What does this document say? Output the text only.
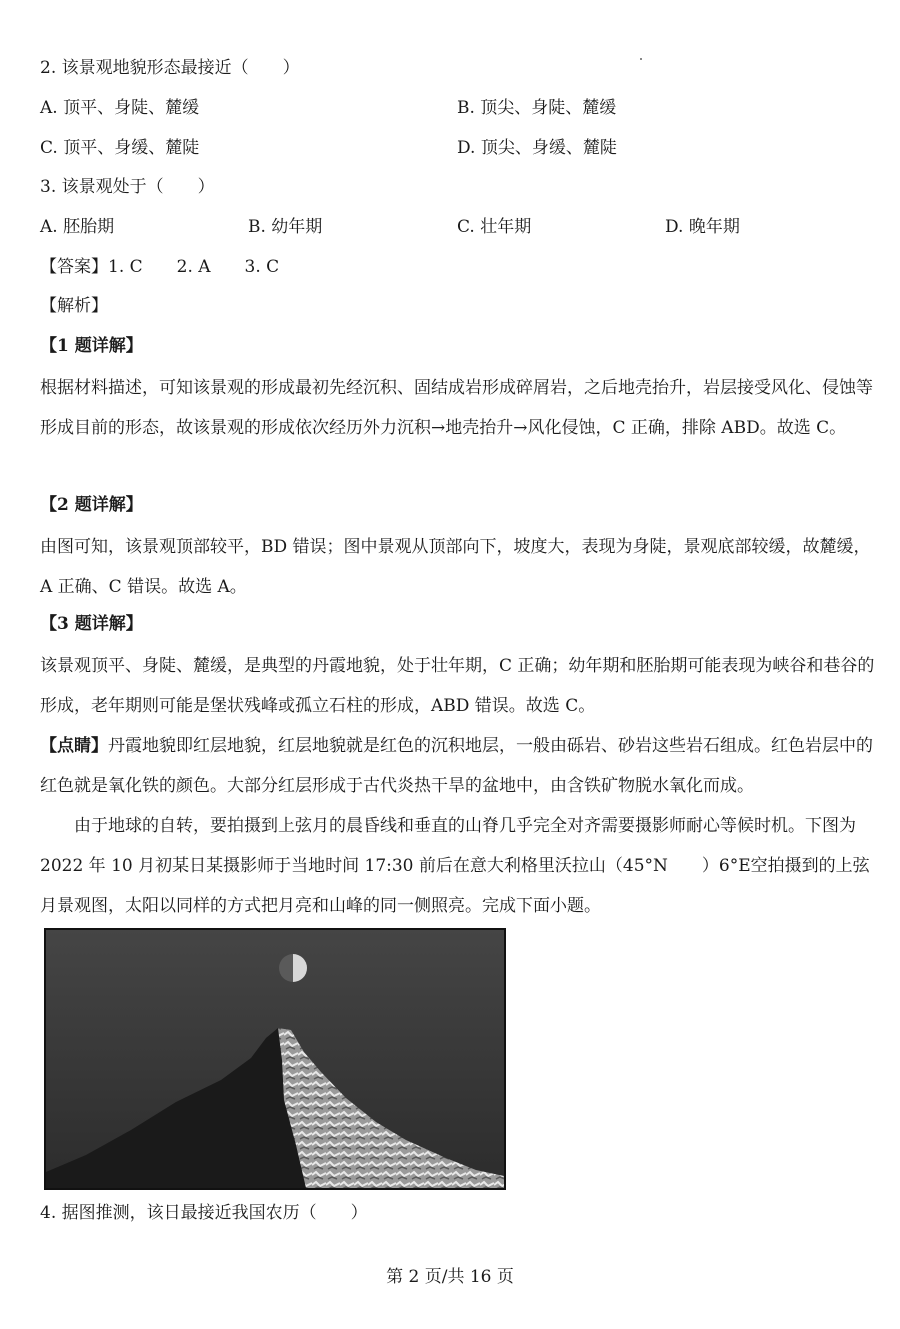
2. 该景观地貌形态最接近（　　）
A. 顶平、身陡、麓缓	B. 顶尖、身陡、麓缓
C. 顶平、身缓、麓陡	D. 顶尖、身缓、麓陡
3. 该景观处于（　　）
A. 胚胎期	B. 幼年期	C. 壮年期	D. 晚年期
【答案】1. C　　2. A　　3. C
【解析】
【1 题详解】
根据材料描述，可知该景观的形成最初先经沉积、固结成岩形成碎屑岩，之后地壳抬升，岩层接受风化、侵蚀等形成目前的形态，故该景观的形成依次经历外力沉积→地壳抬升→风化侵蚀，C 正确，排除 ABD。故选 C。
【2 题详解】
由图可知，该景观顶部较平，BD 错误；图中景观从顶部向下，坡度大，表现为身陡，景观底部较缓，故麓缓，A 正确、C 错误。故选 A。
【3 题详解】
该景观顶平、身陡、麓缓，是典型的丹霞地貌，处于壮年期，C 正确；幼年期和胚胎期可能表现为峡谷和巷谷的形成，老年期则可能是堡状残峰或孤立石柱的形成，ABD 错误。故选 C。
【点睛】丹霞地貌即红层地貌，红层地貌就是红色的沉积地层，一般由砾岩、砂岩这些岩石组成。红色岩层中的红色就是氧化铁的颜色。大部分红层形成于古代炎热干旱的盆地中，由含铁矿物脱水氧化而成。
由于地球的自转，要拍摄到上弦月的晨昏线和垂直的山脊几乎完全对齐需要摄影师耐心等候时机。下图为 2022 年 10 月初某日某摄影师于当地时间 17:30 前后在意大利格里沃拉山（45°N　　）6°E空拍摄到的上弦月景观图，太阳以同样的方式把月亮和山峰的同一侧照亮。完成下面小题。
4. 据图推测，该日最接近我国农历（　　）
第 2 页/共 16 页
